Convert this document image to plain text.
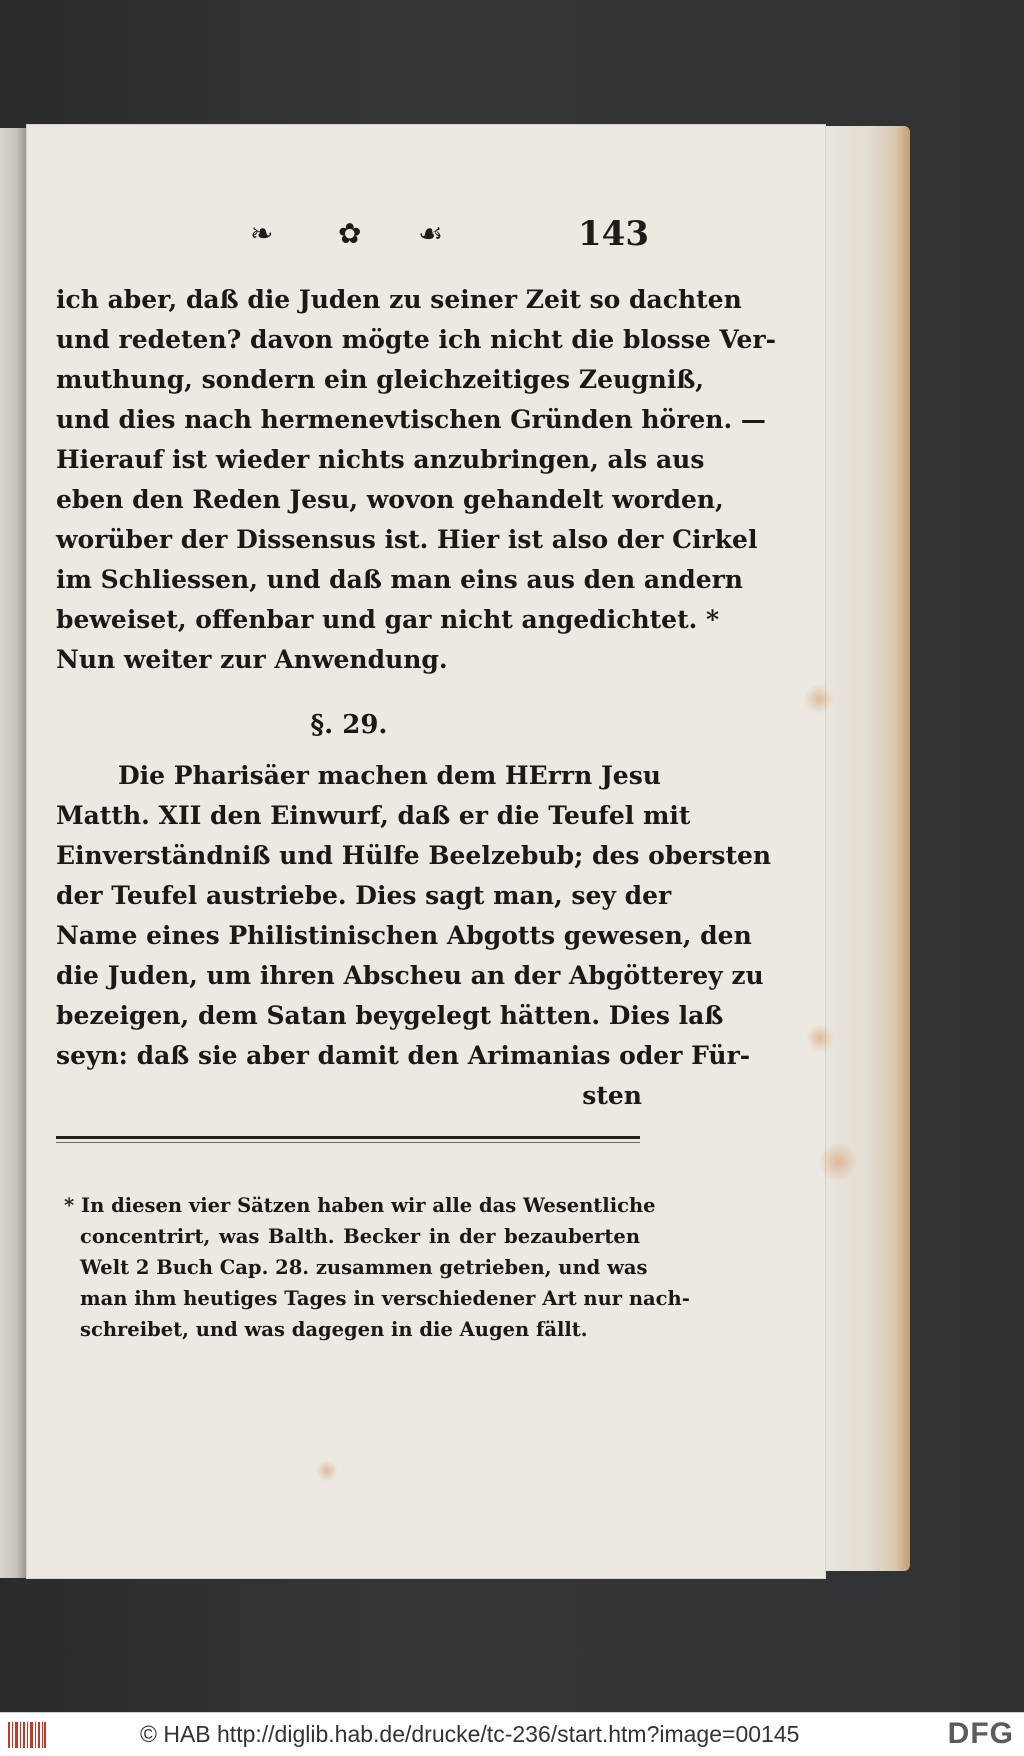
❧ ✿ ☙	143
ich aber, daß die Juden zu seiner Zeit so dachten
und redeten? davon mögte ich nicht die blosse Ver-
muthung, sondern ein gleichzeitiges Zeugniß,
und dies nach hermenevtischen Gründen hören. —
Hierauf ist wieder nichts anzubringen, als aus
eben den Reden Jesu, wovon gehandelt worden,
worüber der Dissensus ist. Hier ist also der Cirkel
im Schliessen, und daß man eins aus den andern
beweiset, offenbar und gar nicht angedichtet. *
Nun weiter zur Anwendung.
§. 29.
Die Pharisäer machen dem HErrn Jesu
Matth. XII den Einwurf, daß er die Teufel mit
Einverständniß und Hülfe Beelzebub; des obersten
der Teufel austriebe. Dies sagt man, sey der
Name eines Philistinischen Abgotts gewesen, den
die Juden, um ihren Abscheu an der Abgötterey zu
bezeigen, dem Satan beygelegt hätten. Dies laß
seyn: daß sie aber damit den Arimanias oder Für-
sten
* In diesen vier Sätzen haben wir alle das Wesentliche
concentrirt, was Balth. Becker in der bezauberten
Welt 2 Buch Cap. 28. zusammen getrieben, und was
man ihm heutiges Tages in verschiedener Art nur nach-
schreibet, und was dagegen in die Augen fällt.
© HAB http://diglib.hab.de/drucke/tc-236/start.htm?image=00145	DFG
